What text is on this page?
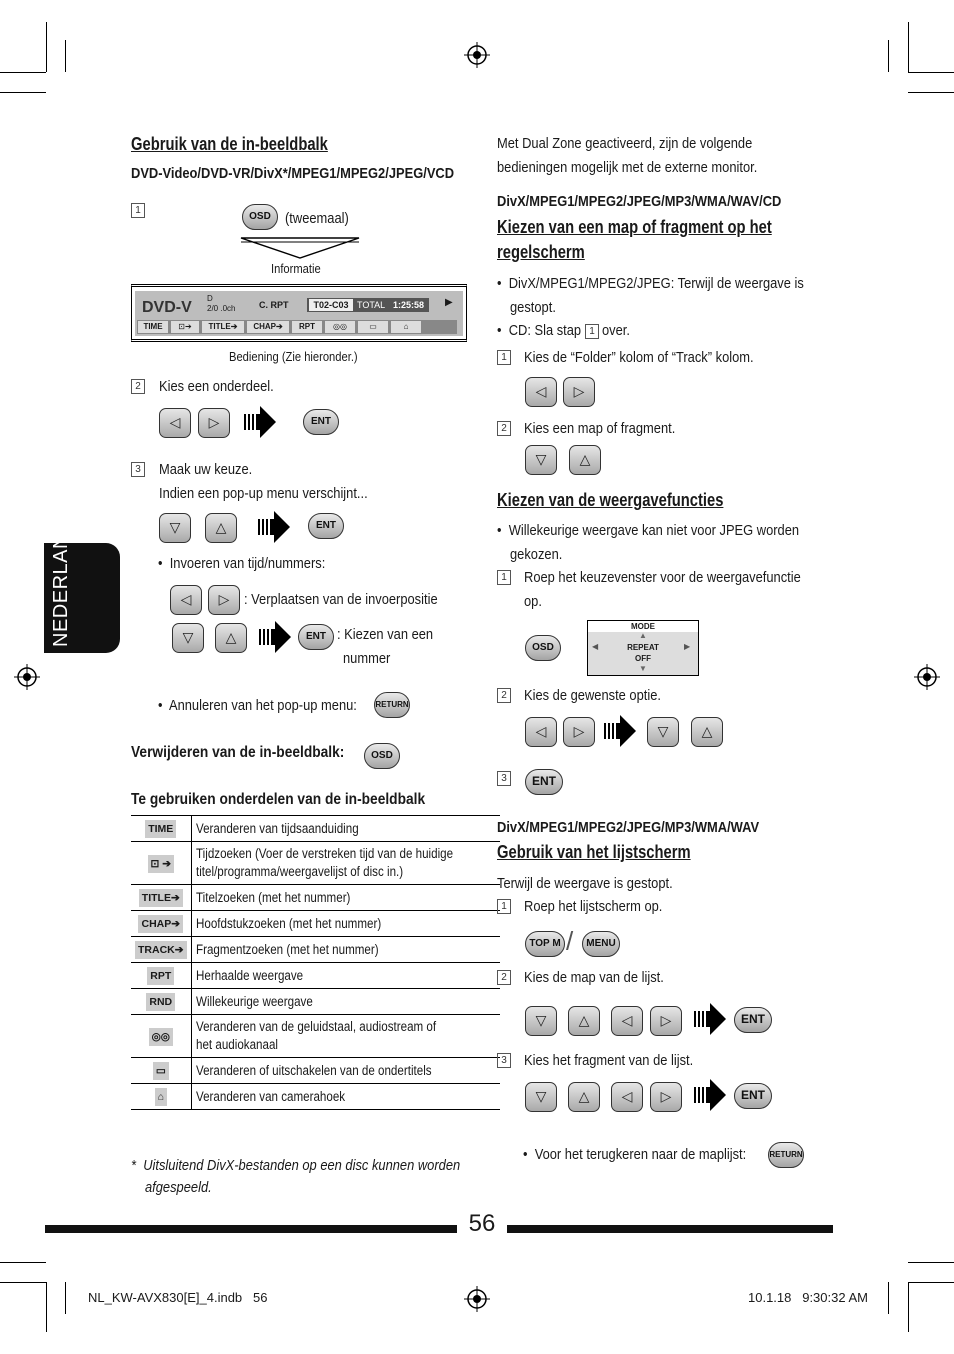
NEDERLANDS
Gebruik van de in-beeldbalk
DVD-Video/DVD-VR/DivX*/MPEG1/MPEG2/JPEG/VCD
1
OSD (tweemaal)
Informatie
DVD-V
D
2/0 .0ch	C. RPT	T02-C03 TOTAL 1:25:58 ▶
TIME	⊡➔	TITLE➔	CHAP➔	RPT	◎◎	▭	⌂
Bediening (Zie hieronder.)
2 Kies een onderdeel.
◁	▷	ENT
3 Maak uw keuze.
Indien een pop-up menu verschijnt...
▽	△	ENT
•  Invoeren van tijd/nummers:
◁	▷ : Verplaatsen van de invoerpositie
▽	△	ENT : Kiezen van een
nummer
•  Annuleren van het pop-up menu: RETURN
Verwijderen van de in-beeldbalk:	OSD
Te gebruiken onderdelen van de in-beeldbalk
TIME	Veranderen van tijdsaanduiding
⊡ ➔	Tijdzoeken (Voer de verstreken tijd van de huidige titel/programma/weergavelijst of disc in.)
TITLE➔	Titelzoeken (met het nummer)
CHAP➔	Hoofdstukzoeken (met het nummer)
TRACK➔	Fragmentzoeken (met het nummer)
RPT	Herhaalde weergave
RND	Willekeurige weergave
◎◎	Veranderen van de geluidstaal, audiostream of het audiokanaal
▭	Veranderen of uitschakelen van de ondertitels
⌂	Veranderen van camerahoek
*  Uitsluitend DivX-bestanden op een disc kunnen worden
afgespeeld.
Met Dual Zone geactiveerd, zijn de volgende
bedieningen mogelijk met de externe monitor.
DivX/MPEG1/MPEG2/JPEG/MP3/WMA/WAV/CD
Kiezen van een map of fragment op het
regelscherm
•  DivX/MPEG1/MPEG2/JPEG: Terwijl de weergave is
gestopt.
•  CD: Sla stap 1 over.
1 Kies de “Folder” kolom of “Track” kolom.
◁	▷
2 Kies een map of fragment.
▽	△
Kiezen van de weergavefuncties
•  Willekeurige weergave kan niet voor JPEG worden
gekozen.
1 Roep het keuzevenster voor de weergavefunctie
op.
OSD
MODE
▲
◀	▶
REPEAT
OFF
▼
2 Kies de gewenste optie.
◁	▷	▽	△
3	ENT
DivX/MPEG1/MPEG2/JPEG/MP3/WMA/WAV
Gebruik van het lijstscherm
Terwijl de weergave is gestopt.
1 Roep het lijstscherm op.
TOP M /	MENU
2 Kies de map van de lijst.
▽	△	◁	▷	ENT
3 Kies het fragment van de lijst.
▽	△	◁	▷	ENT
•  Voor het terugkeren naar de maplijst:	RETURN
56
NL_KW-AVX830[E]_4.indb   56	10.1.18   9:30:32 AM
